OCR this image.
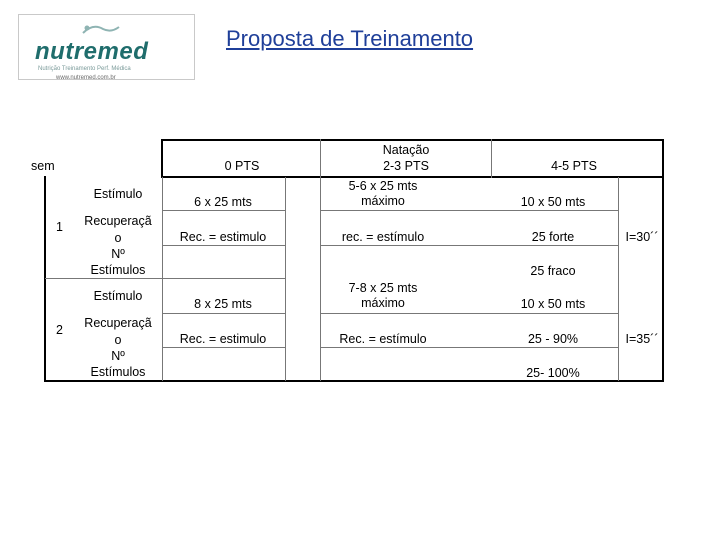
nutremed
Nutrição Treinamento Perf. Médica
www.nutremed.com.br
Proposta de Treinamento
sem	0 PTS
Natação
2-3 PTS	4-5 PTS
1
Estímulo
Recuperaçã
o
Nº
Estímulos
6 x 25 mts
Rec. = estimulo
5-6 x 25 mts
máximo
rec. = estímulo
10 x 50 mts
25 forte
25 fraco
I=30´´
2
Estímulo
Recuperaçã
o
Nº
Estímulos
8 x 25 mts
Rec. = estimulo
7-8 x 25 mts
máximo
Rec. = estímulo
10 x 50 mts
25 - 90%
25- 100%
I=35´´
